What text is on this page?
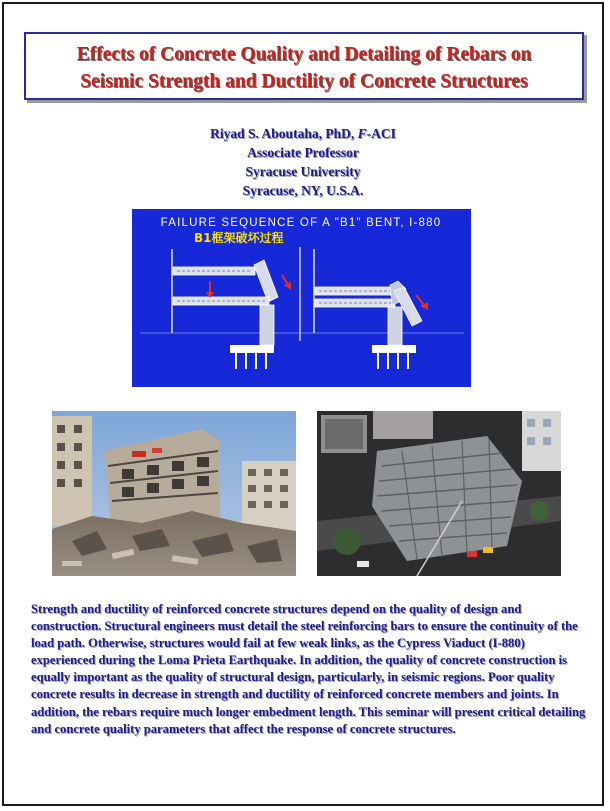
Effects of Concrete Quality and Detailing of Rebars on
Seismic Strength and Ductility of Concrete Structures
Riyad S. Aboutaha, PhD, F-ACI
Associate Professor
Syracuse University
Syracuse, NY, U.S.A.
FAILURE SEQUENCE OF A "B1" BENT, I-880
B1框架破坏过程

Strength and ductility of reinforced concrete structures depend on the quality of design and construction. Structural engineers must detail the steel reinforcing bars to ensure the continuity of the load path. Otherwise, structures would fail at few weak links, as the Cypress Viaduct (I-880) experienced during the Loma Prieta Earthquake. In addition, the quality of concrete construction is equally important as the quality of structural design, particularly, in seismic regions. Poor quality concrete results in decrease in strength and ductility of reinforced concrete members and joints. In addition, the rebars require much longer embedment length. This seminar will present critical detailing and concrete quality parameters that affect the response of concrete structures.
